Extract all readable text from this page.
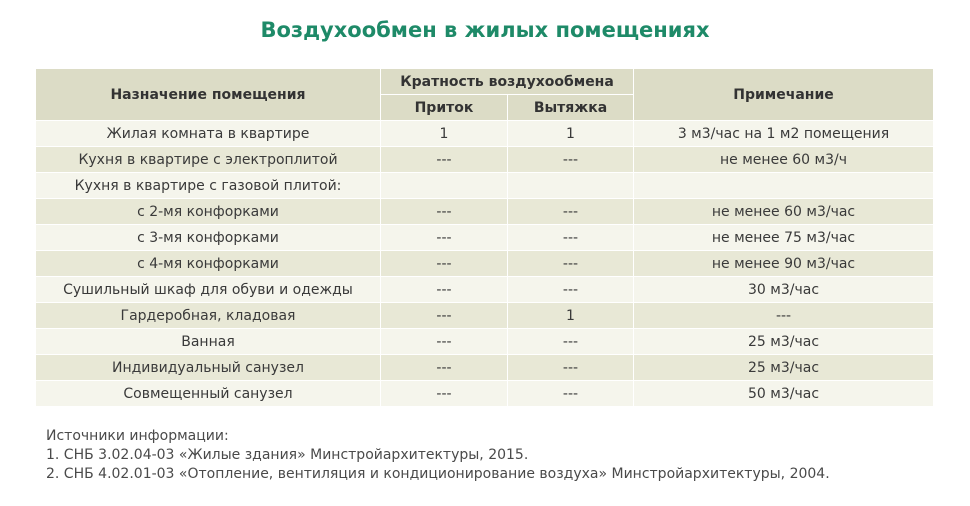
Воздухообмен в жилых помещениях
Назначение помещения	Кратность воздухообмена		Примечание
	Приток	Вытяжка	
Жилая комната в квартире	1	1	3 м3/час на 1 м2 помещения
Кухня в квартире с электроплитой	---	---	не менее 60 м3/ч
Кухня в квартире с газовой плитой:			
с 2-мя конфорками	---	---	не менее 60 м3/час
с 3-мя конфорками	---	---	не менее 75 м3/час
с 4-мя конфорками	---	---	не менее 90 м3/час
Сушильный шкаф для обуви и одежды	---	---	30 м3/час
Гардеробная, кладовая	---	1	---
Ванная	---	---	25 м3/час
Индивидуальный санузел	---	---	25 м3/час
Совмещенный санузел	---	---	50 м3/час
Источники информации:
1. СНБ 3.02.04-03 «Жилые здания» Минстройархитектуры, 2015.
2. СНБ 4.02.01-03 «Отопление, вентиляция и кондиционирование воздуха» Минстройархитектуры, 2004.
